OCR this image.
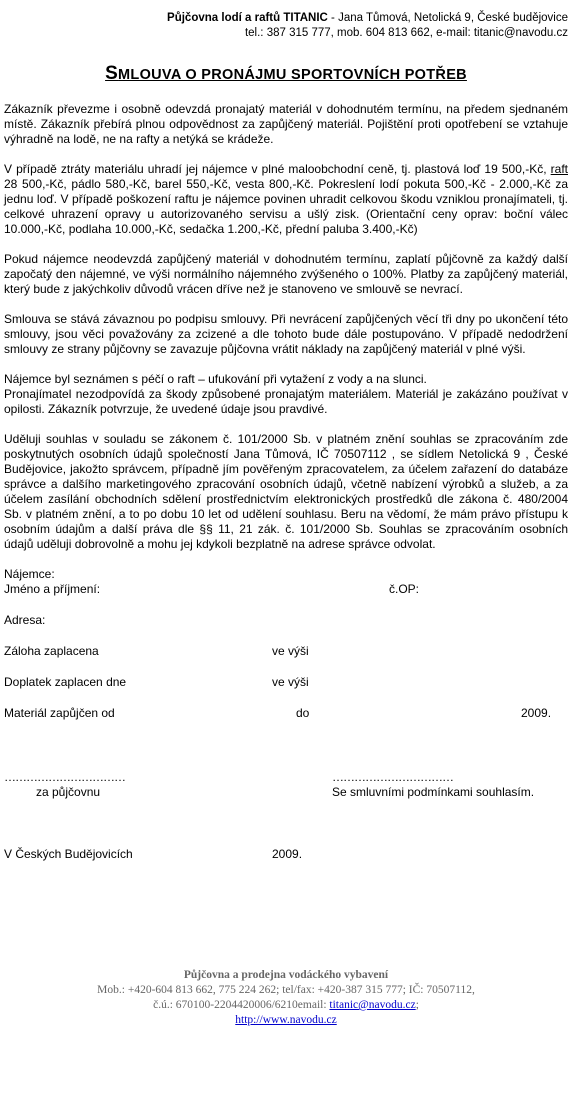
Půjčovna lodí a raftů TITANIC - Jana Tůmová, Netolická 9, České budějovice
tel.: 387 315 777, mob. 604 813 662, e-mail: titanic@navodu.cz
SMLOUVA O PRONÁJMU SPORTOVNÍCH POTŘEB

Zákazník převezme i osobně odevzdá pronajatý materiál v dohodnutém termínu, na předem sjednaném místě. Zákazník přebírá plnou odpovědnost za zapůjčený materiál. Pojištění proti opotřebení se vztahuje výhradně na lodě, ne na rafty a netýká se krádeže.

V případě ztráty materiálu uhradí jej nájemce v plné maloobchodní ceně, tj. plastová loď 19 500,-Kč, raft 28 500,-Kč, pádlo 580,-Kč, barel 550,-Kč, vesta 800,-Kč. Pokreslení lodí pokuta 500,-Kč - 2.000,-Kč za jednu loď. V případě poškození raftu je nájemce povinen uhradit celkovou škodu vzniklou pronajímateli, tj. celkové uhrazení opravy u autorizovaného servisu a ušlý zisk. (Orientační ceny oprav: boční válec 10.000,-Kč, podlaha 10.000,-Kč, sedačka 1.200,-Kč, přední paluba 3.400,-Kč)

Pokud nájemce neodevzdá zapůjčený materiál v dohodnutém termínu, zaplatí půjčovně za každý další započatý den nájemné, ve výši normálního nájemného zvýšeného o 100%. Platby za zapůjčený materiál, který bude z jakýchkoliv důvodů vrácen dříve než je stanoveno ve smlouvě se nevrací.

Smlouva se stává závaznou po podpisu smlouvy. Při nevrácení zapůjčených věcí tři dny po ukončení této smlouvy, jsou věci považovány za zcizené a dle tohoto bude dále postupováno. V případě nedodržení smlouvy ze strany půjčovny se zavazuje půjčovna vrátit náklady na zapůjčený materiál v plné výši.

Nájemce byl seznámen s péčí o raft – ufukování při vytažení z vody a na slunci.
Pronajímatel nezodpovídá za škody způsobené pronajatým materiálem. Materiál je zakázáno používat v opilosti. Zákazník potvrzuje, že uvedené údaje jsou pravdivé.

Uděluji souhlas v souladu se zákonem č. 101/2000 Sb. v platném znění souhlas se zpracováním zde poskytnutých osobních údajů společností Jana Tůmová, IČ 70507112 , se sídlem Netolická 9 , České Budějovice, jakožto správcem, případně jím pověřeným zpracovatelem, za účelem zařazení do databáze správce a dalšího marketingového zpracování osobních údajů, včetně nabízení výrobků a služeb, a za účelem zasílání obchodních sdělení prostřednictvím elektronických prostředků dle zákona č. 480/2004 Sb. v platném znění, a to po dobu 10 let od udělení souhlasu. Beru na vědomí, že mám právo přístupu k osobním údajům a další práva dle §§ 11, 21 zák. č. 101/2000 Sb. Souhlas se zpracováním osobních údajů uděluji dobrovolně a mohu jej kdykoli bezplatně na adrese správce odvolat.

Nájemce:
Jméno a příjmení:	č.OP:
Adresa:
Záloha zaplacena	ve výši
Doplatek zaplacen dne	ve výši
Materiál zapůjčen od	do	2009.
……………………………	……………………………
za půjčovnu	Se smluvními podmínkami souhlasím.
V Českých Budějovicích	2009.
Půjčovna a prodejna vodáckého vybavení
Mob.: +420-604 813 662, 775 224 262; tel/fax: +420-387 315 777; IČ: 70507112,
č.ú.: 670100-2204420006/6210email: titanic@navodu.cz;
http://www.navodu.cz
